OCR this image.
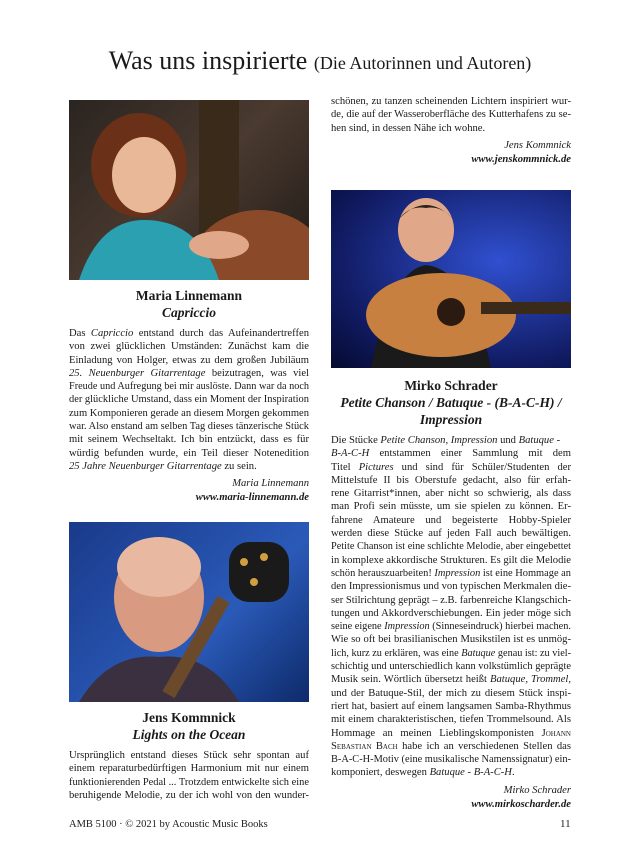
Was uns inspirierte (Die Autorinnen und Autoren)
Maria Linnemann
Capriccio
Das Capriccio entstand durch das Aufeinandertreffen
von zwei glücklichen Umständen: Zunächst kam die
Einladung von Holger, etwas zu dem großen Jubiläum
25. Neuenburger Gitarrentage beizutragen, was viel
Freude und Aufregung bei mir auslöste. Dann war da noch
der glückliche Umstand, dass ein Moment der Inspiration
zum Komponieren gerade an diesem Morgen gekommen
war. Also enstand am selben Tag dieses tänzerische Stück
mit seinem Wechseltakt. Ich bin entzückt, dass es für
würdig befunden wurde, ein Teil dieser Notenedition
25 Jahre Neuenburger Gitarrentage zu sein.
Maria Linnemann
www.maria-linnemann.de
Jens Kommnick
Lights on the Ocean
Ursprünglich entstand dieses Stück sehr spontan auf
einem reparaturbedürftigen Harmonium mit nur einem
funktionierenden Pedal ... Trotzdem entwickelte sich eine
beruhigende Melodie, zu der ich wohl von den wunder-
schönen, zu tanzen scheinenden Lichtern inspiriert wur-
de, die auf der Wasseroberfläche des Kutterhafens zu se-
hen sind, in dessen Nähe ich wohne.
Jens Kommnick
www.jenskommnick.de
Mirko Schrader
Petite Chanson / Batuque - (B-A-C-H) /
Impression
Die Stücke Petite Chanson, Impression und Batuque -
B-A-C-H entstammen einer Sammlung mit dem
Titel Pictures und sind für Schüler/Studenten der
Mittelstufe II bis Oberstufe gedacht, also für erfah-
rene Gitarrist*innen, aber nicht so schwierig, als dass
man Profi sein müsste, um sie spielen zu können. Er-
fahrene Amateure und begeisterte Hobby-Spieler
werden diese Stücke auf jeden Fall auch bewältigen.
Petite Chanson ist eine schlichte Melodie, aber eingebettet
in komplexe akkordische Strukturen. Es gilt die Melodie
schön herauszuarbeiten! Impression ist eine Hommage an
den Impressionismus und von typischen Merkmalen die-
ser Stilrichtung geprägt – z.B. farbenreiche Klangschich-
tungen und Akkordverschiebungen. Ein jeder möge sich
seine eigene Impression (Sinneseindruck) hierbei machen.
Wie so oft bei brasilianischen Musikstilen ist es unmög-
lich, kurz zu erklären, was eine Batuque genau ist: zu viel-
schichtig und unterschiedlich kann volkstümlich geprägte
Musik sein. Wörtlich übersetzt heißt Batuque, Trommel,
und der Batuque-Stil, der mich zu diesem Stück inspi-
riert hat, basiert auf einem langsamen Samba-Rhythmus
mit einem charakteristischen, tiefen Trommelsound. Als
Hommage an meinen Lieblingskomponisten Johann
Sebastian Bach habe ich an verschiedenen Stellen das
B-A-C-H-Motiv (eine musikalische Namenssignatur) ein-
komponiert, deswegen Batuque - B-A-C-H.
Mirko Schrader
www.mirkoscharder.de
AMB 5100 · © 2021 by Acoustic Music Books	11
